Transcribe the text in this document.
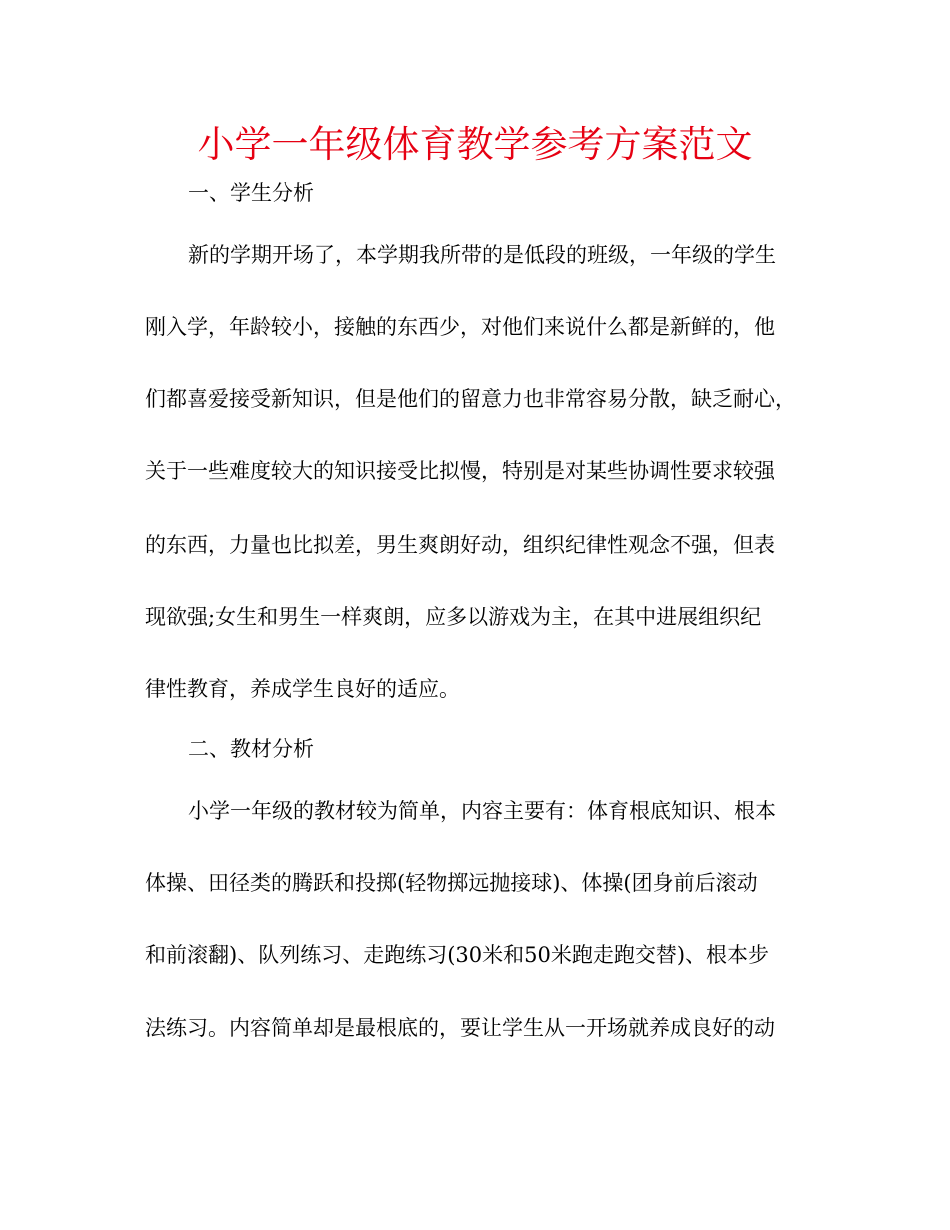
小学一年级体育教学参考方案范文

一、学生分析

新的学期开场了，本学期我所带的是低段的班级，一年级的学生

刚入学，年龄较小，接触的东西少，对他们来说什么都是新鲜的，他

们都喜爱接受新知识，但是他们的留意力也非常容易分散，缺乏耐心，

关于一些难度较大的知识接受比拟慢，特别是对某些协调性要求较强

的东西，力量也比拟差，男生爽朗好动，组织纪律性观念不强，但表

现欲强;女生和男生一样爽朗，应多以游戏为主，在其中进展组织纪

律性教育，养成学生良好的适应。

二、教材分析

小学一年级的教材较为简单，内容主要有：体育根底知识、根本

体操、田径类的腾跃和投掷(轻物掷远抛接球)、体操(团身前后滚动

和前滚翻)、队列练习、走跑练习(30米和50米跑走跑交替)、根本步

法练习。内容简单却是最根底的，要让学生从一开场就养成良好的动
